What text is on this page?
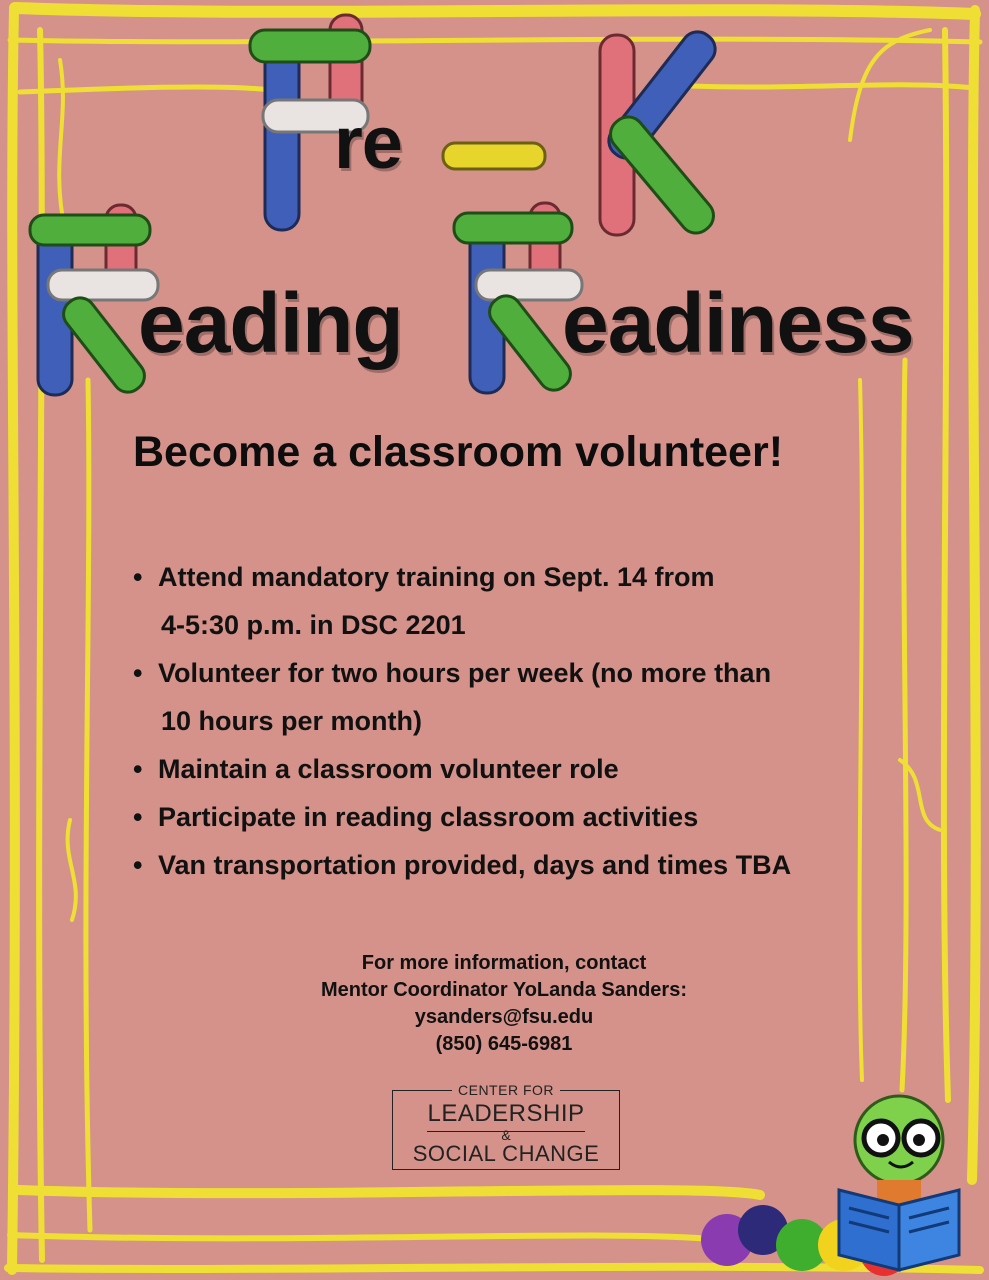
re
eading eadiness
Become a classroom volunteer!
• Attend mandatory training on Sept. 14 from
4-5:30 p.m. in DSC 2201
• Volunteer for two hours per week (no more than
10 hours per month)
• Maintain a classroom volunteer role
• Participate in reading classroom activities
• Van transportation provided, days and times TBA
For more information, contact
Mentor Coordinator YoLanda Sanders:
ysanders@fsu.edu
(850) 645-6981
CENTER FOR
LEADERSHIP
&
SOCIAL CHANGE
